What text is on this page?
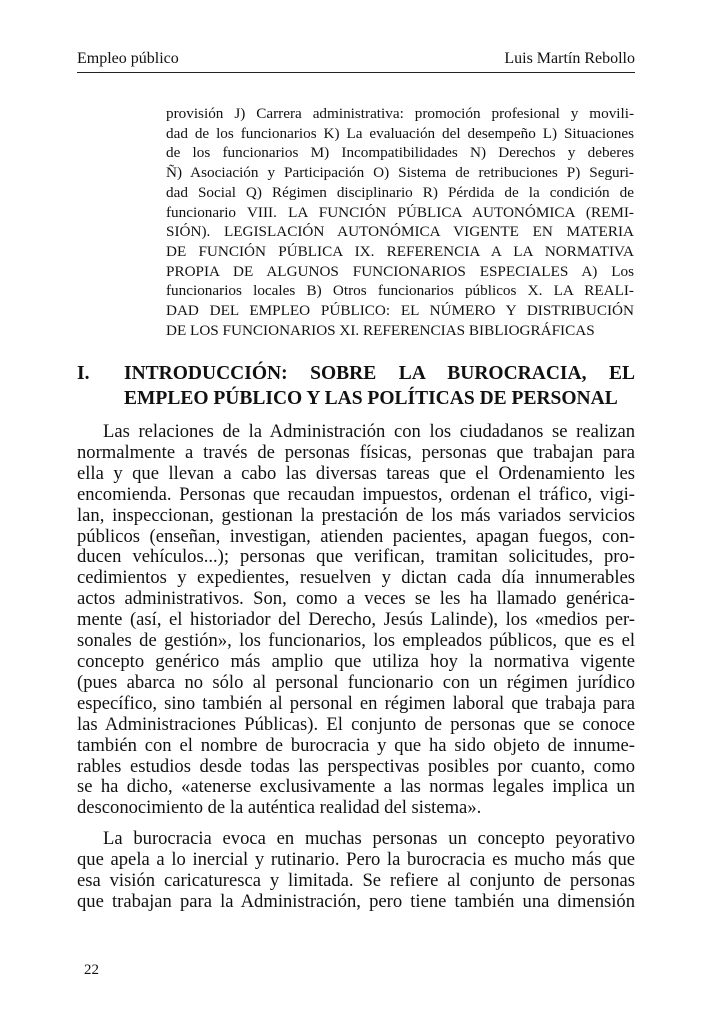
Empleo público	Luis Martín Rebollo
provisión J) Carrera administrativa: promoción profesional y movili-
dad de los funcionarios K) La evaluación del desempeño L) Situaciones
de los funcionarios M) Incompatibilidades N) Derechos y deberes
Ñ) Asociación y Participación O) Sistema de retribuciones P) Seguri-
dad Social Q) Régimen disciplinario R) Pérdida de la condición de
funcionario VIII. LA FUNCIÓN PÚBLICA AUTONÓMICA (REMI-
SIÓN). LEGISLACIÓN AUTONÓMICA VIGENTE EN MATERIA
DE FUNCIÓN PÚBLICA IX. REFERENCIA A LA NORMATIVA
PROPIA DE ALGUNOS FUNCIONARIOS ESPECIALES A) Los
funcionarios locales B) Otros funcionarios públicos X. LA REALI-
DAD DEL EMPLEO PÚBLICO: EL NÚMERO Y DISTRIBUCIÓN
DE LOS FUNCIONARIOS XI. REFERENCIAS BIBLIOGRÁFICAS
I. INTRODUCCIÓN: SOBRE LA BUROCRACIA, EL
EMPLEO PÚBLICO Y LAS POLÍTICAS DE PERSONAL
Las relaciones de la Administración con los ciudadanos se realizan
normalmente a través de personas físicas, personas que trabajan para
ella y que llevan a cabo las diversas tareas que el Ordenamiento les
encomienda. Personas que recaudan impuestos, ordenan el tráfico, vigi-
lan, inspeccionan, gestionan la prestación de los más variados servicios
públicos (enseñan, investigan, atienden pacientes, apagan fuegos, con-
ducen vehículos...); personas que verifican, tramitan solicitudes, pro-
cedimientos y expedientes, resuelven y dictan cada día innumerables
actos administrativos. Son, como a veces se les ha llamado genérica-
mente (así, el historiador del Derecho, Jesús Lalinde), los «medios per-
sonales de gestión», los funcionarios, los empleados públicos, que es el
concepto genérico más amplio que utiliza hoy la normativa vigente
(pues abarca no sólo al personal funcionario con un régimen jurídico
específico, sino también al personal en régimen laboral que trabaja para
las Administraciones Públicas). El conjunto de personas que se conoce
también con el nombre de burocracia y que ha sido objeto de innume-
rables estudios desde todas las perspectivas posibles por cuanto, como
se ha dicho, «atenerse exclusivamente a las normas legales implica un
desconocimiento de la auténtica realidad del sistema».
La burocracia evoca en muchas personas un concepto peyorativo
que apela a lo inercial y rutinario. Pero la burocracia es mucho más que
esa visión caricaturesca y limitada. Se refiere al conjunto de personas
que trabajan para la Administración, pero tiene también una dimensión
22
